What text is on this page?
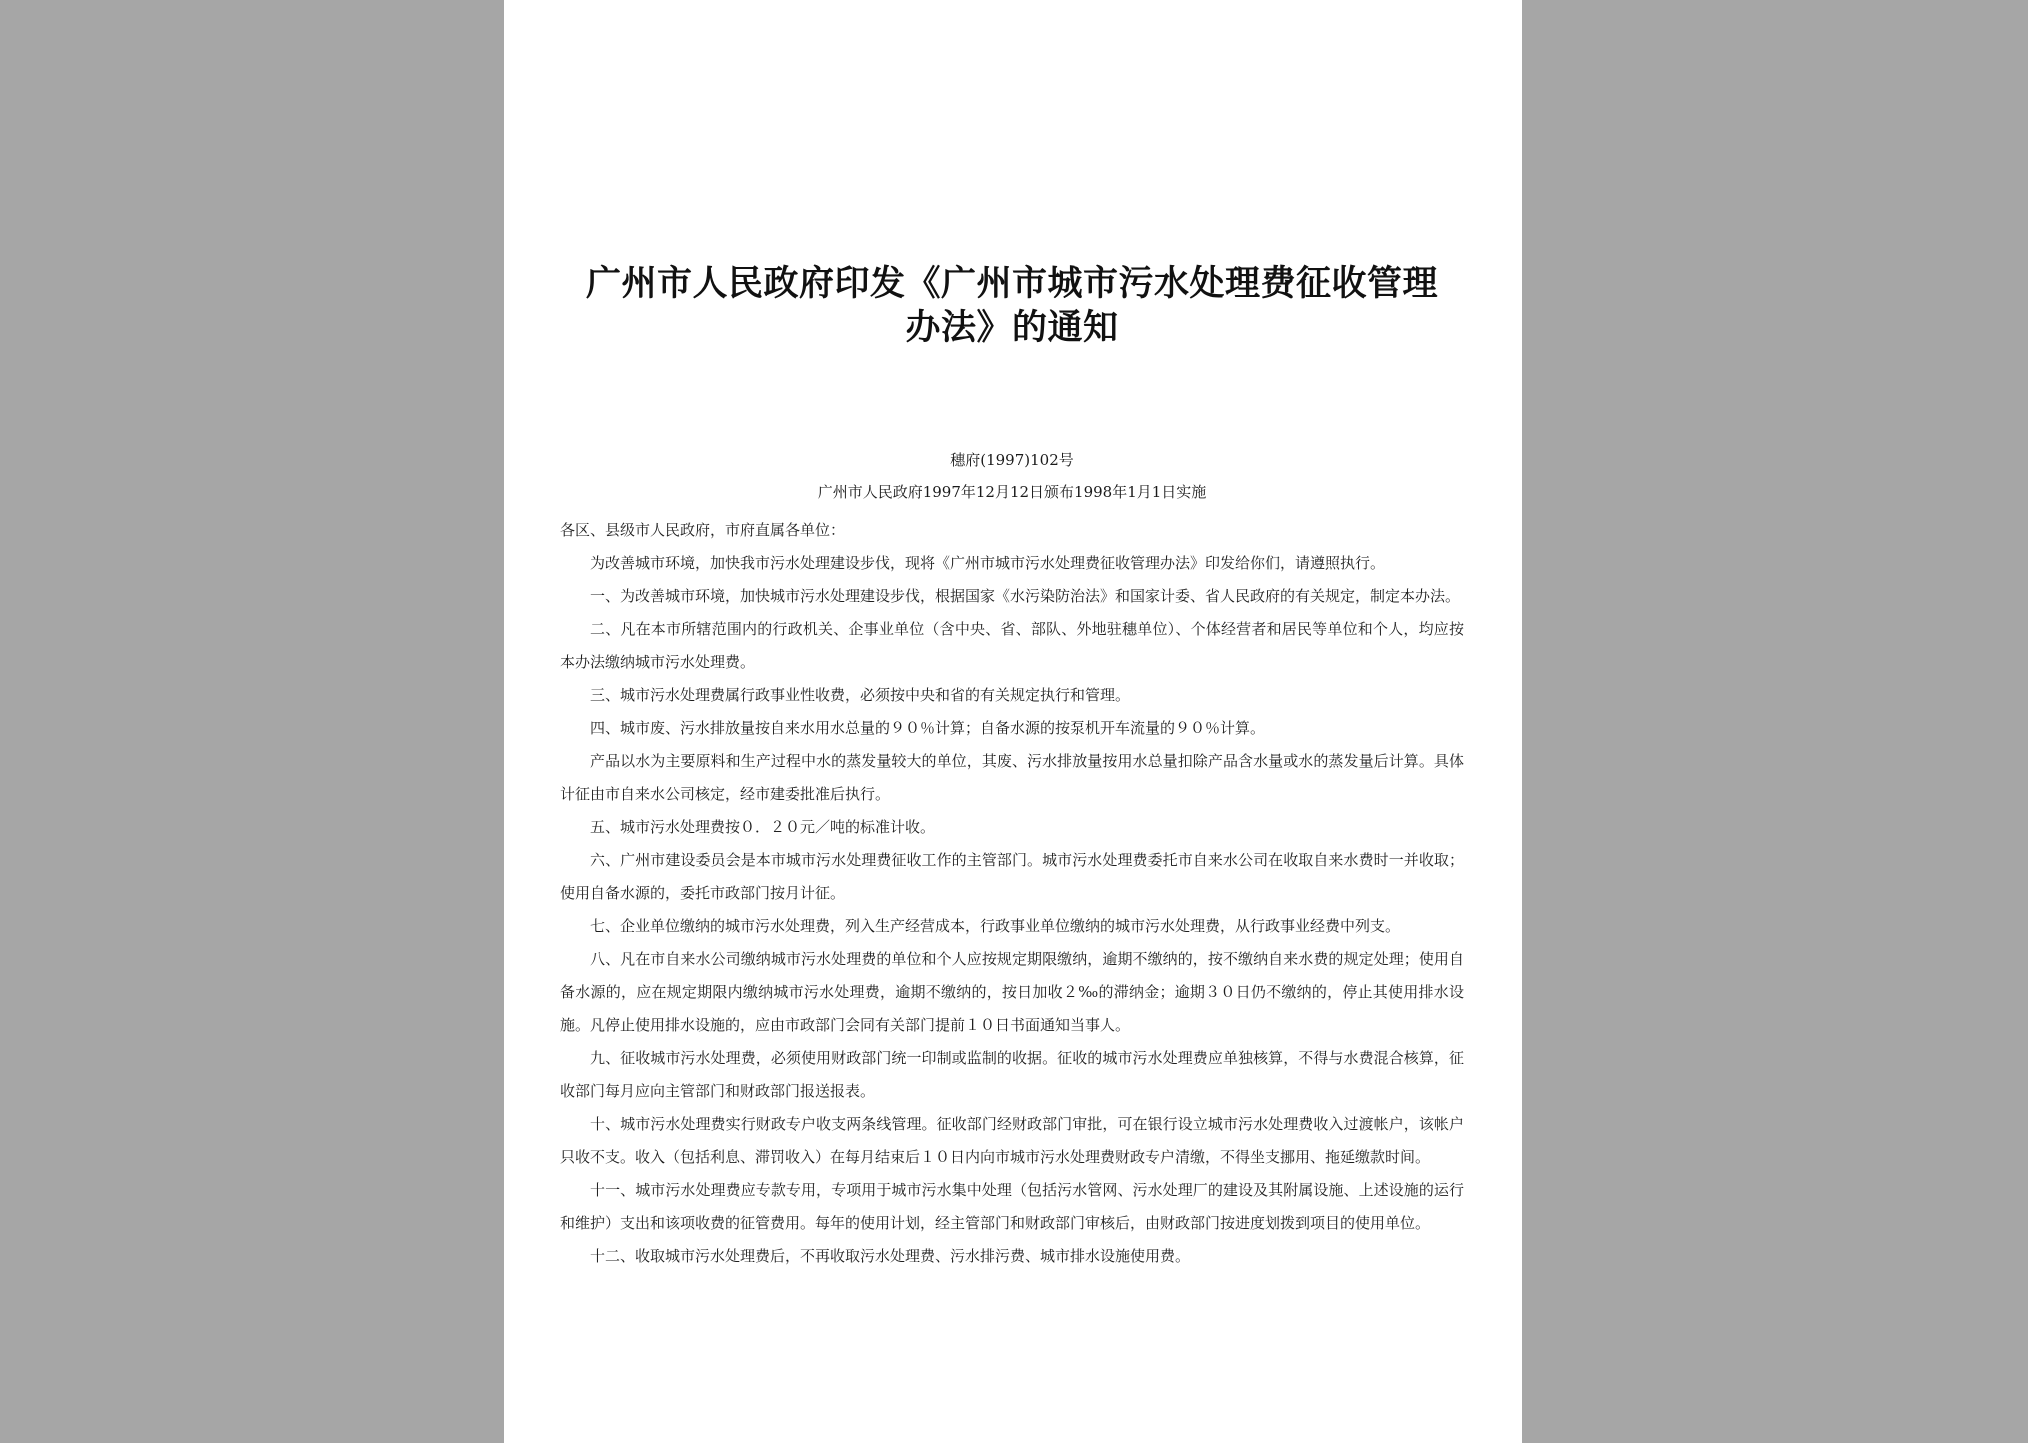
广州市人民政府印发《广州市城市污水处理费征收管理
办法》的通知
穗府(1997)102号
广州市人民政府1997年12月12日颁布1998年1月1日实施

各区、县级市人民政府，市府直属各单位：

为改善城市环境，加快我市污水处理建设步伐，现将《广州市城市污水处理费征收管理办法》印发给你们，请遵照执行。

一、为改善城市环境，加快城市污水处理建设步伐，根据国家《水污染防治法》和国家计委、省人民政府的有关规定，制定本办法。

二、凡在本市所辖范围内的行政机关、企事业单位（含中央、省、部队、外地驻穗单位）、个体经营者和居民等单位和个人，均应按本办法缴纳城市污水处理费。

三、城市污水处理费属行政事业性收费，必须按中央和省的有关规定执行和管理。

四、城市废、污水排放量按自来水用水总量的９０％计算；自备水源的按泵机开车流量的９０％计算。

产品以水为主要原料和生产过程中水的蒸发量较大的单位，其废、污水排放量按用水总量扣除产品含水量或水的蒸发量后计算。具体计征由市自来水公司核定，经市建委批准后执行。

五、城市污水处理费按０．２０元／吨的标准计收。

六、广州市建设委员会是本市城市污水处理费征收工作的主管部门。城市污水处理费委托市自来水公司在收取自来水费时一并收取；使用自备水源的，委托市政部门按月计征。

七、企业单位缴纳的城市污水处理费，列入生产经营成本，行政事业单位缴纳的城市污水处理费，从行政事业经费中列支。

八、凡在市自来水公司缴纳城市污水处理费的单位和个人应按规定期限缴纳，逾期不缴纳的，按不缴纳自来水费的规定处理；使用自备水源的，应在规定期限内缴纳城市污水处理费，逾期不缴纳的，按日加收２‰的滞纳金；逾期３０日仍不缴纳的，停止其使用排水设施。凡停止使用排水设施的，应由市政部门会同有关部门提前１０日书面通知当事人。

九、征收城市污水处理费，必须使用财政部门统一印制或监制的收据。征收的城市污水处理费应单独核算，不得与水费混合核算，征收部门每月应向主管部门和财政部门报送报表。

十、城市污水处理费实行财政专户收支两条线管理。征收部门经财政部门审批，可在银行设立城市污水处理费收入过渡帐户，该帐户只收不支。收入（包括利息、滞罚收入）在每月结束后１０日内向市城市污水处理费财政专户清缴，不得坐支挪用、拖延缴款时间。

十一、城市污水处理费应专款专用，专项用于城市污水集中处理（包括污水管网、污水处理厂的建设及其附属设施、上述设施的运行和维护）支出和该项收费的征管费用。每年的使用计划，经主管部门和财政部门审核后，由财政部门按进度划拨到项目的使用单位。

十二、收取城市污水处理费后，不再收取污水处理费、污水排污费、城市排水设施使用费。
